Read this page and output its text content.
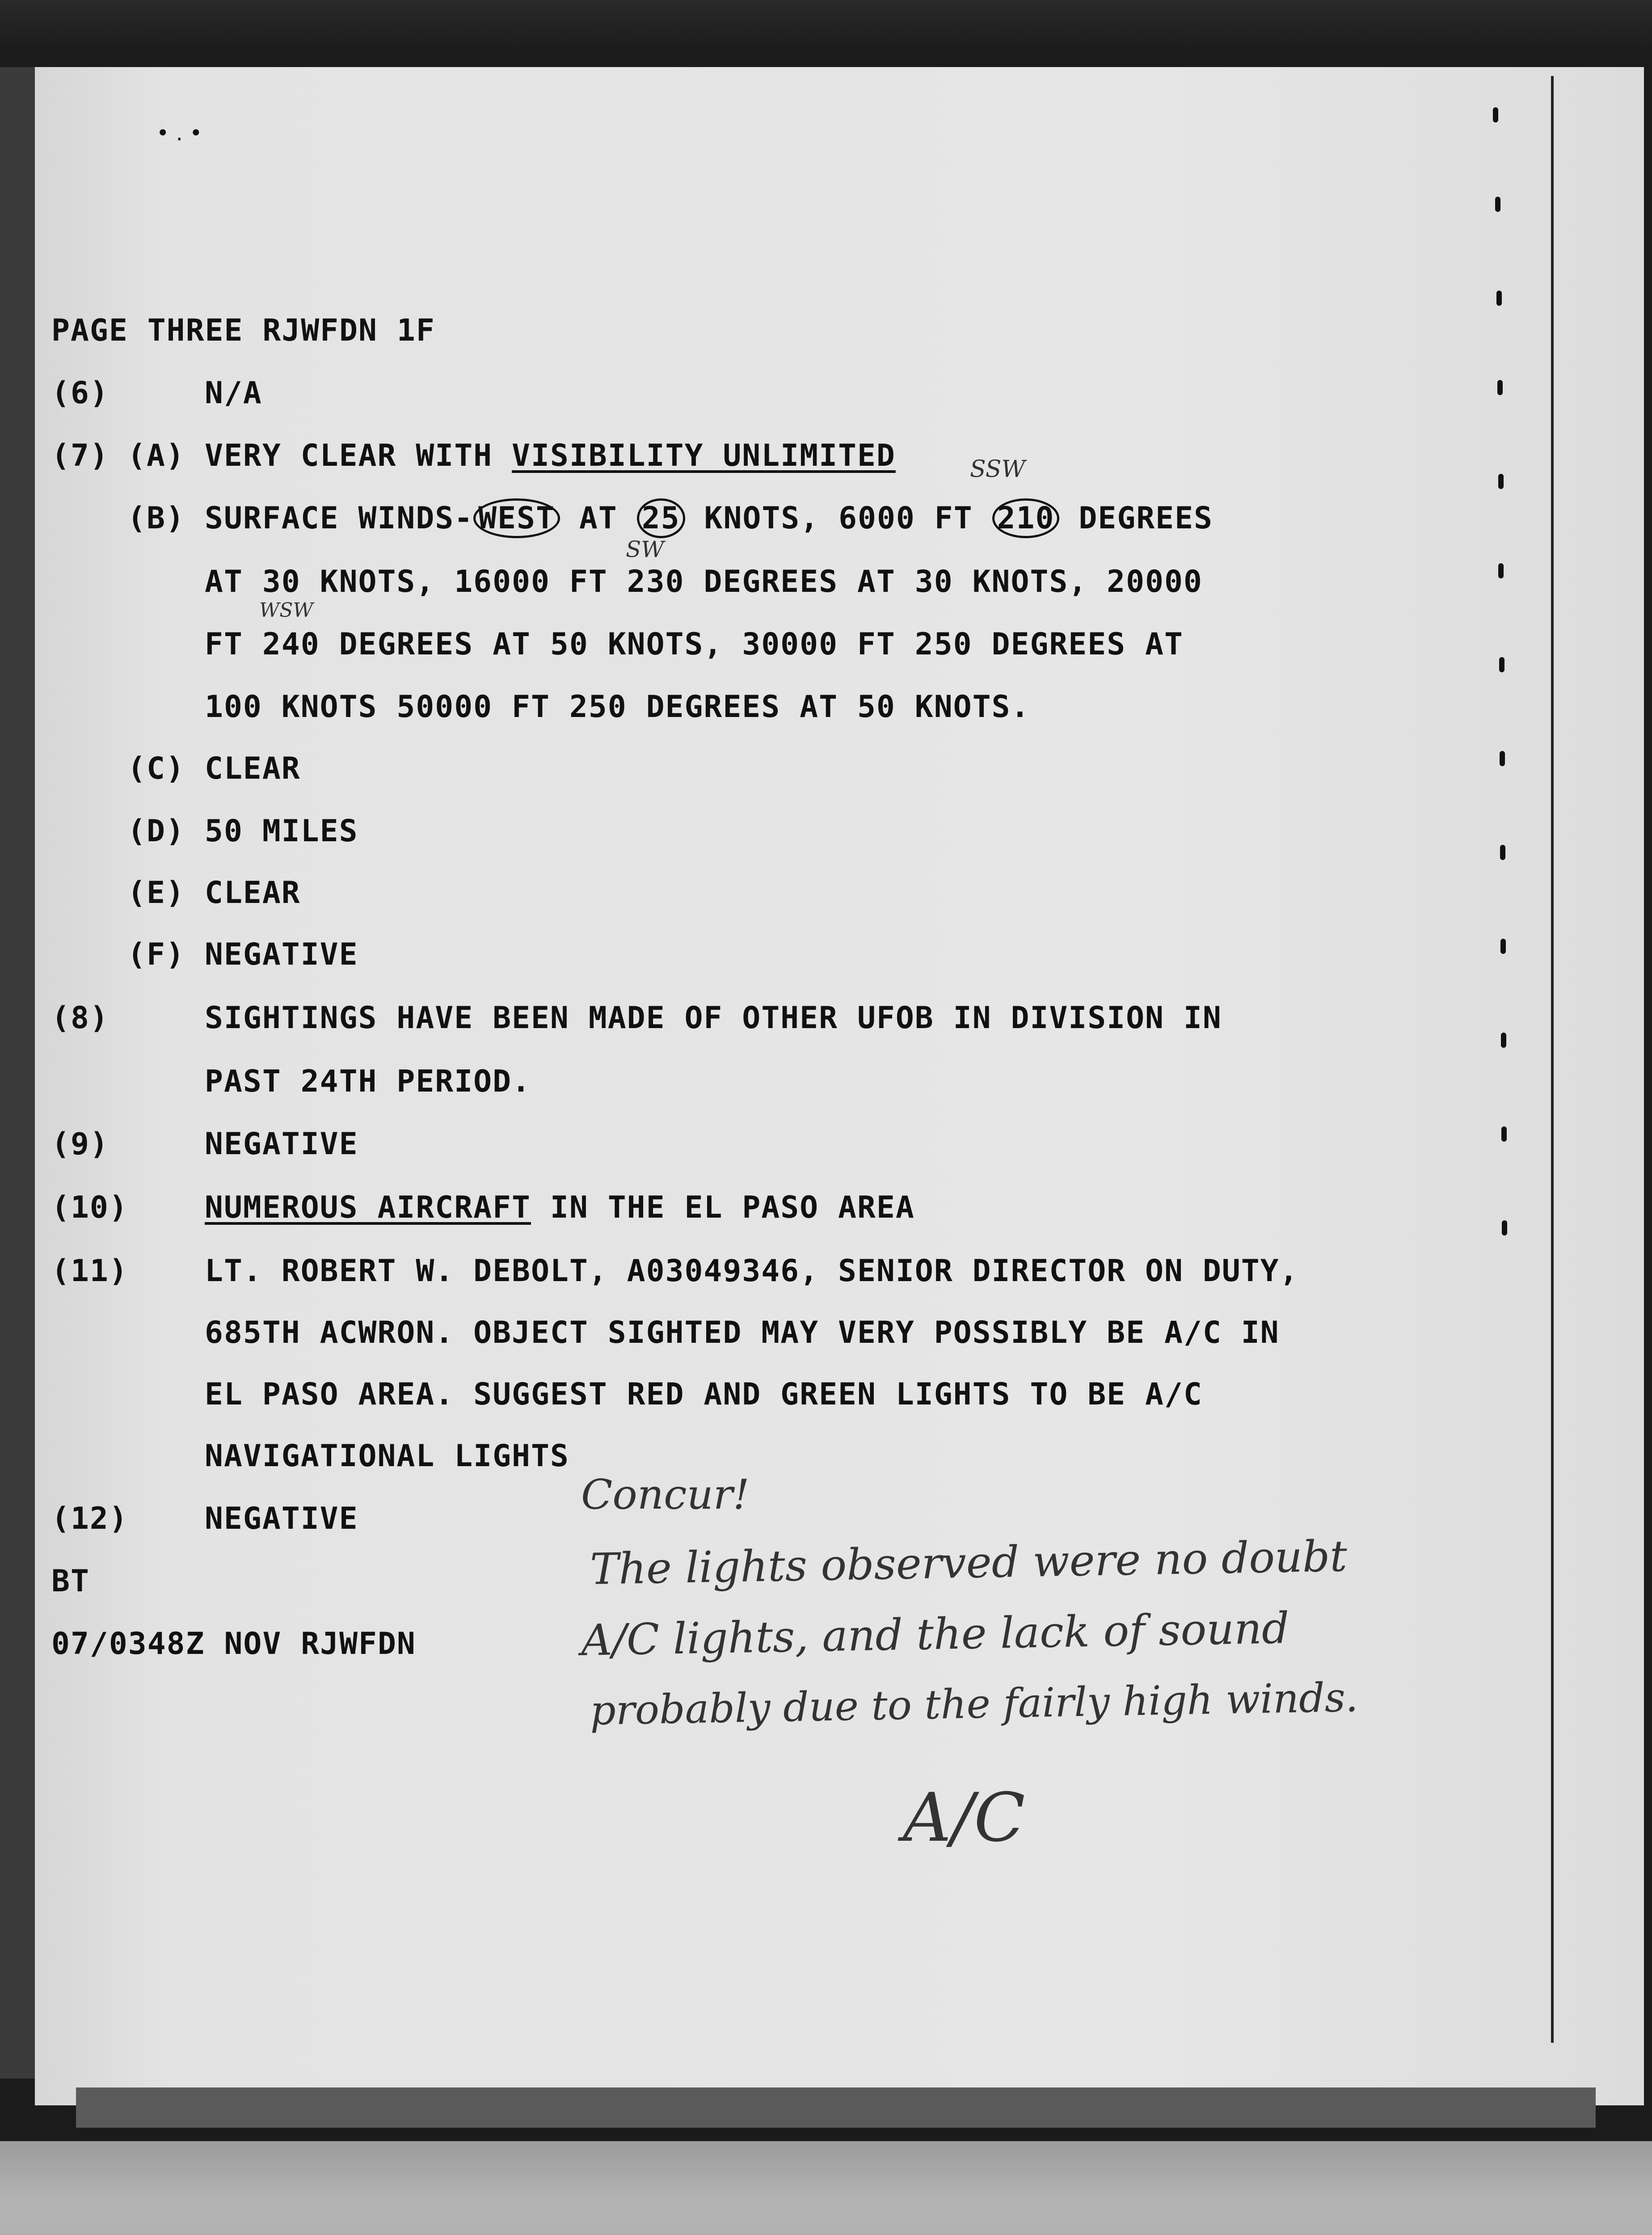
• . •
PAGE THREE RJWFDN 1F
(6)	N/A
(7) (A) VERY CLEAR WITH VISIBILITY UNLIMITED
(B) SURFACE WINDS- WEST AT 25 KNOTS, 6000 FT 210 DEGREES
AT 30 KNOTS, 16000 FT 230 DEGREES AT 30 KNOTS, 20000
FT 240 DEGREES AT 50 KNOTS, 30000 FT 250 DEGREES AT
100 KNOTS 50000 FT 250 DEGREES AT 50 KNOTS.
SSW
SW
WSW
(C) CLEAR
(D) 50 MILES
(E) CLEAR
(F) NEGATIVE
(8)	SIGHTINGS HAVE BEEN MADE OF OTHER UFOB IN DIVISION IN
PAST 24TH PERIOD.
(9)	NEGATIVE
(10)	NUMEROUS AIRCRAFT IN THE EL PASO AREA
(11)	LT. ROBERT W. DEBOLT, A03049346, SENIOR DIRECTOR ON DUTY,
685TH ACWRON. OBJECT SIGHTED MAY VERY POSSIBLY BE A/C IN
EL PASO AREA. SUGGEST RED AND GREEN LIGHTS TO BE A/C
NAVIGATIONAL LIGHTS
(12)	NEGATIVE
BT
07/0348Z NOV RJWFDN
Concur!
The lights observed were no doubt
A/C lights, and the lack of sound
probably due to the fairly high winds.
A/C
